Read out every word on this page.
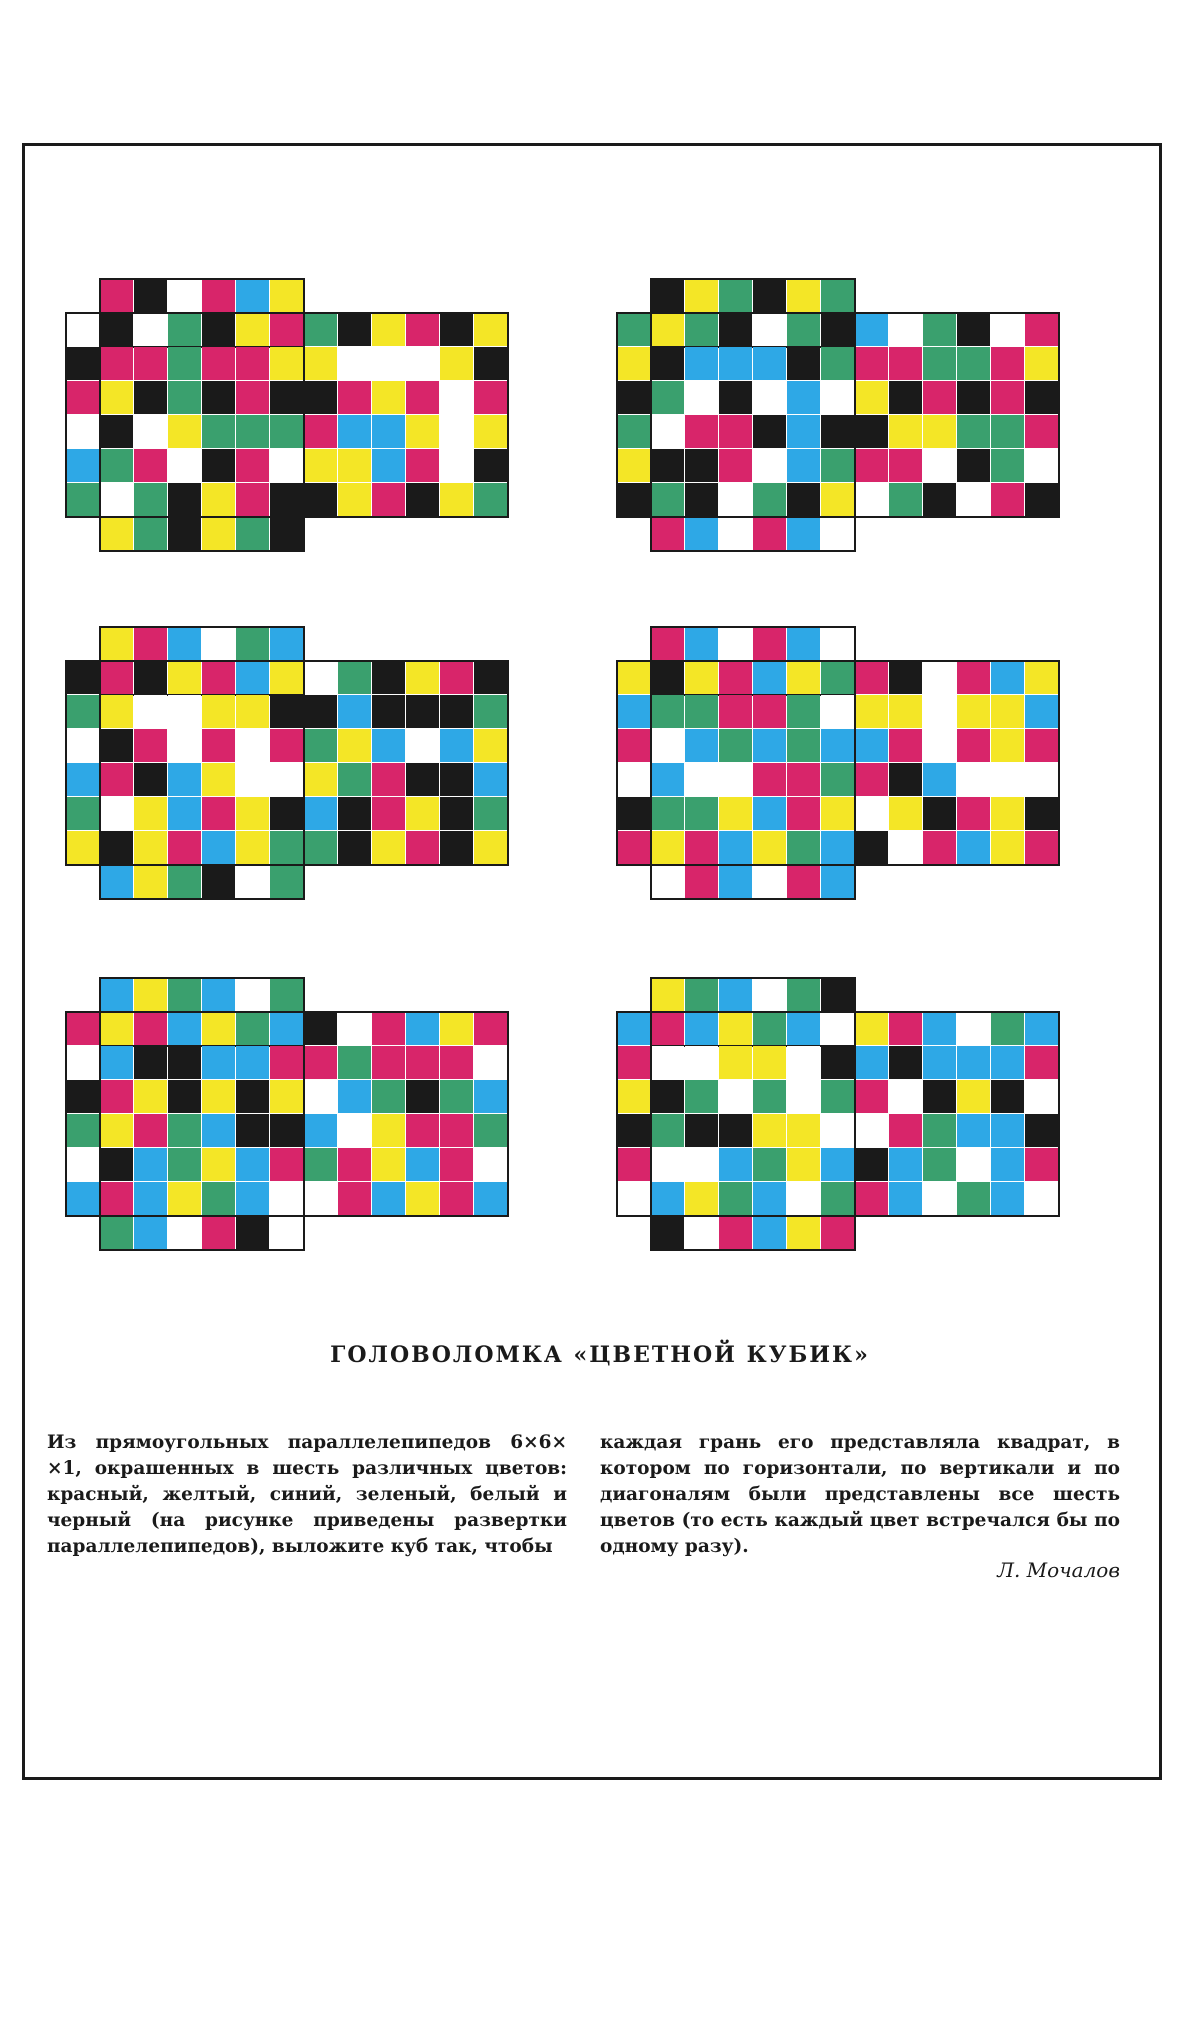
ГОЛОВОЛОМКА «ЦВЕТНОЙ КУБИК»

Из прямоугольных параллелепипедов 6×6× ×1, окрашенных в шесть различных цветов: красный, желтый, синий, зеленый, белый и черный (на рисунке приведены развертки параллелепипедов), выложите куб так, чтобы

каждая грань его представляла квадрат, в котором по горизонтали, по вертикали и по диагоналям были представлены все шесть цветов (то есть каждый цвет встречался бы по одному разу).

Л. Мочалов
